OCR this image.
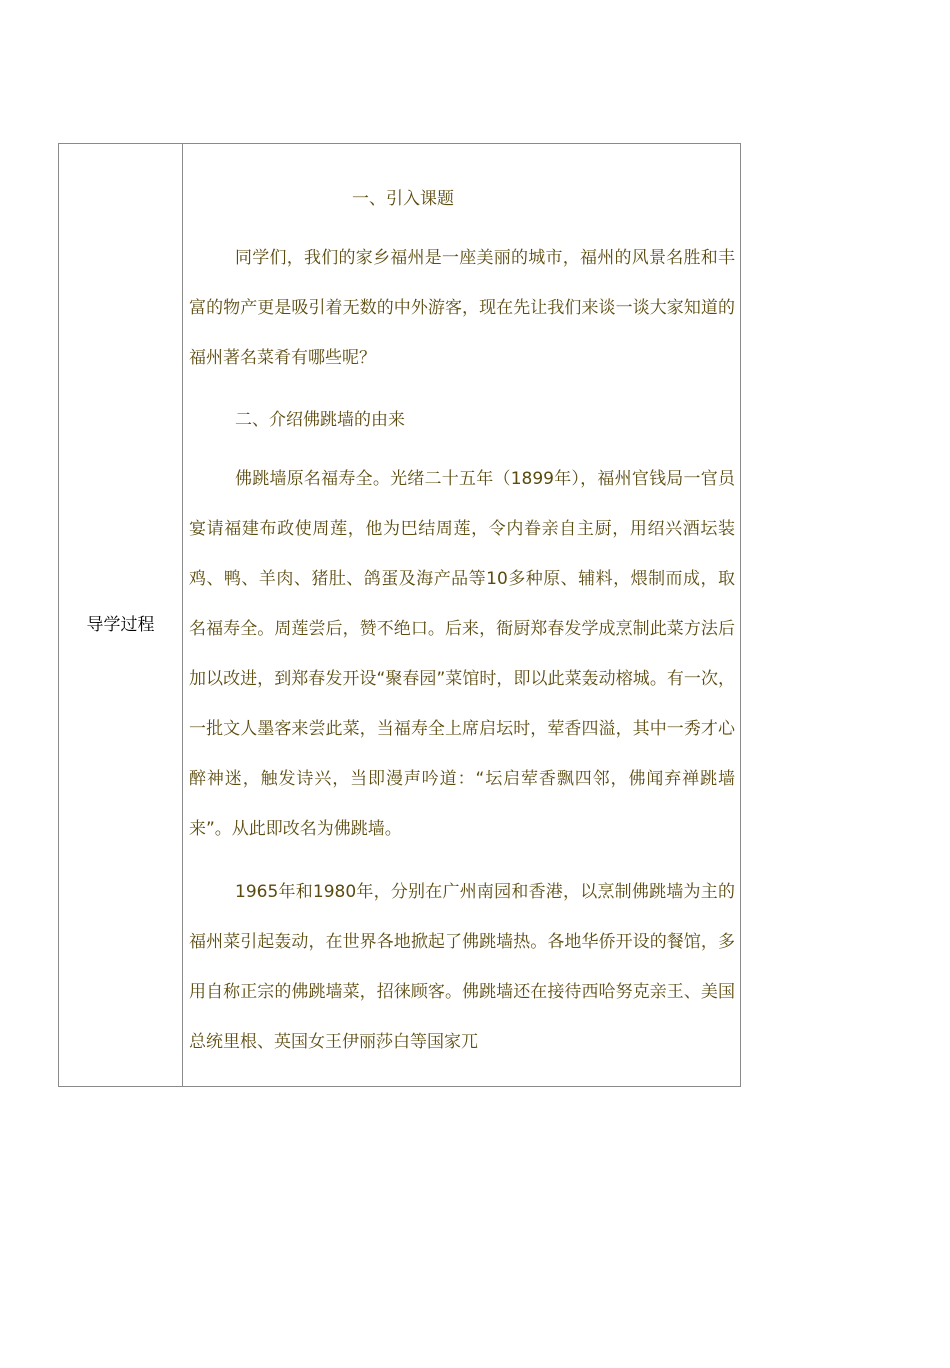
导学过程
一、引入课题

同学们，我们的家乡福州是一座美丽的城市，福州的风景名胜和丰富的物产更是吸引着无数的中外游客，现在先让我们来谈一谈大家知道的福州著名菜肴有哪些呢？

二、介绍佛跳墙的由来

佛跳墙原名福寿全。光绪二十五年（1899年），福州官钱局一官员宴请福建布政使周莲，他为巴结周莲，令内眷亲自主厨，用绍兴酒坛装鸡、鸭、羊肉、猪肚、鸽蛋及海产品等10多种原、辅料，煨制而成，取名福寿全。周莲尝后，赞不绝口。后来，衙厨郑春发学成烹制此菜方法后加以改进，到郑春发开设“聚春园”菜馆时，即以此菜轰动榕城。有一次，一批文人墨客来尝此菜，当福寿全上席启坛时，荤香四溢，其中一秀才心醉神迷，触发诗兴，当即漫声吟道：“坛启荤香飘四邻，佛闻弃禅跳墙来”。从此即改名为佛跳墙。

1965年和1980年，分别在广州南园和香港，以烹制佛跳墙为主的福州菜引起轰动，在世界各地掀起了佛跳墙热。各地华侨开设的餐馆，多用自称正宗的佛跳墙菜，招徕顾客。佛跳墙还在接待西哈努克亲王、美国总统里根、英国女王伊丽莎白等国家兀
